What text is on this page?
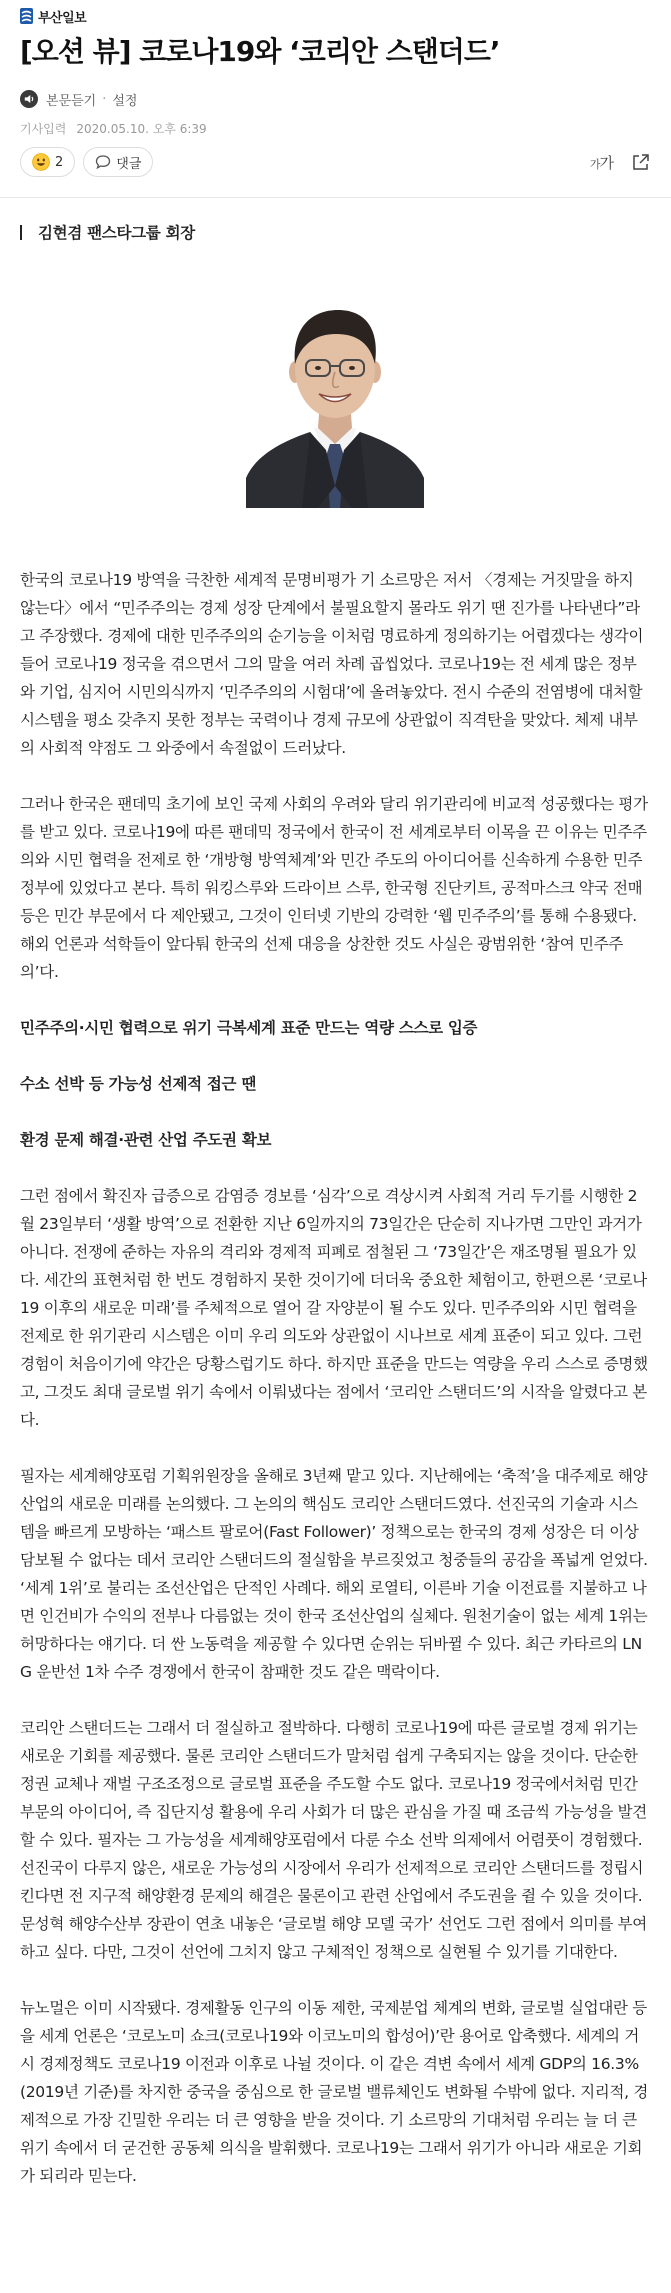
부산일보
[오션 뷰] 코로나19와 ‘코리안 스탠더드’
본문듣기 · 설정
기사입력 2020.05.10. 오후 6:39
2	댓글	가가
김현겸 팬스타그룹 회장

한국의 코로나19 방역을 극찬한 세계적 문명비평가 기 소르망은 저서 〈경제는 거짓말을 하지 않는다〉에서 “민주주의는 경제 성장 단계에서 불필요할지 몰라도 위기 땐 진가를 나타낸다”라고 주장했다. 경제에 대한 민주주의의 순기능을 이처럼 명료하게 정의하기는 어렵겠다는 생각이 들어 코로나19 정국을 겪으면서 그의 말을 여러 차례 곱씹었다. 코로나19는 전 세계 많은 정부와 기업, 심지어 시민의식까지 ‘민주주의의 시험대’에 올려놓았다. 전시 수준의 전염병에 대처할 시스템을 평소 갖추지 못한 정부는 국력이나 경제 규모에 상관없이 직격탄을 맞았다. 체제 내부의 사회적 약점도 그 와중에서 속절없이 드러났다.

그러나 한국은 팬데믹 초기에 보인 국제 사회의 우려와 달리 위기관리에 비교적 성공했다는 평가를 받고 있다. 코로나19에 따른 팬데믹 정국에서 한국이 전 세계로부터 이목을 끈 이유는 민주주의와 시민 협력을 전제로 한 ‘개방형 방역체계’와 민간 주도의 아이디어를 신속하게 수용한 민주 정부에 있었다고 본다. 특히 워킹스루와 드라이브 스루, 한국형 진단키트, 공적마스크 약국 전매 등은 민간 부문에서 다 제안됐고, 그것이 인터넷 기반의 강력한 ‘웹 민주주의’를 통해 수용됐다. 해외 언론과 석학들이 앞다퉈 한국의 선제 대응을 상찬한 것도 사실은 광범위한 ‘참여 민주주의’다.

민주주의·시민 협력으로 위기 극복세계 표준 만드는 역량 스스로 입증

수소 선박 등 가능성 선제적 접근 땐

환경 문제 해결·관련 산업 주도권 확보

그런 점에서 확진자 급증으로 감염증 경보를 ‘심각’으로 격상시켜 사회적 거리 두기를 시행한 2월 23일부터 ‘생활 방역’으로 전환한 지난 6일까지의 73일간은 단순히 지나가면 그만인 과거가 아니다. 전쟁에 준하는 자유의 격리와 경제적 피폐로 점철된 그 ‘73일간’은 재조명될 필요가 있다. 세간의 표현처럼 한 번도 경험하지 못한 것이기에 더더욱 중요한 체험이고, 한편으론 ‘코로나19 이후의 새로운 미래’를 주체적으로 열어 갈 자양분이 될 수도 있다. 민주주의와 시민 협력을 전제로 한 위기관리 시스템은 이미 우리 의도와 상관없이 시나브로 세계 표준이 되고 있다. 그런 경험이 처음이기에 약간은 당황스럽기도 하다. 하지만 표준을 만드는 역량을 우리 스스로 증명했고, 그것도 최대 글로벌 위기 속에서 이뤄냈다는 점에서 ‘코리안 스탠더드’의 시작을 알렸다고 본다.

필자는 세계해양포럼 기획위원장을 올해로 3년째 맡고 있다. 지난해에는 ‘축적’을 대주제로 해양산업의 새로운 미래를 논의했다. 그 논의의 핵심도 코리안 스탠더드였다. 선진국의 기술과 시스템을 빠르게 모방하는 ‘패스트 팔로어(Fast Follower)’ 정책으로는 한국의 경제 성장은 더 이상 담보될 수 없다는 데서 코리안 스탠더드의 절실함을 부르짖었고 청중들의 공감을 폭넓게 얻었다. ‘세계 1위’로 불리는 조선산업은 단적인 사례다. 해외 로열티, 이른바 기술 이전료를 지불하고 나면 인건비가 수익의 전부나 다름없는 것이 한국 조선산업의 실체다. 원천기술이 없는 세계 1위는 허망하다는 얘기다. 더 싼 노동력을 제공할 수 있다면 순위는 뒤바뀔 수 있다. 최근 카타르의 LNG 운반선 1차 수주 경쟁에서 한국이 참패한 것도 같은 맥락이다.

코리안 스탠더드는 그래서 더 절실하고 절박하다. 다행히 코로나19에 따른 글로벌 경제 위기는 새로운 기회를 제공했다. 물론 코리안 스탠더드가 말처럼 쉽게 구축되지는 않을 것이다. 단순한 정권 교체나 재벌 구조조정으로 글로벌 표준을 주도할 수도 없다. 코로나19 정국에서처럼 민간 부문의 아이디어, 즉 집단지성 활용에 우리 사회가 더 많은 관심을 가질 때 조금씩 가능성을 발견할 수 있다. 필자는 그 가능성을 세계해양포럼에서 다룬 수소 선박 의제에서 어렴풋이 경험했다. 선진국이 다루지 않은, 새로운 가능성의 시장에서 우리가 선제적으로 코리안 스탠더드를 정립시킨다면 전 지구적 해양환경 문제의 해결은 물론이고 관련 산업에서 주도권을 쥘 수 있을 것이다. 문성혁 해양수산부 장관이 연초 내놓은 ‘글로벌 해양 모델 국가’ 선언도 그런 점에서 의미를 부여하고 싶다. 다만, 그것이 선언에 그치지 않고 구체적인 정책으로 실현될 수 있기를 기대한다.

뉴노멀은 이미 시작됐다. 경제활동 인구의 이동 제한, 국제분업 체계의 변화, 글로벌 실업대란 등을 세계 언론은 ‘코로노미 쇼크(코로나19와 이코노미의 합성어)’란 용어로 압축했다. 세계의 거시 경제정책도 코로나19 이전과 이후로 나뉠 것이다. 이 같은 격변 속에서 세계 GDP의 16.3%(2019년 기준)를 차지한 중국을 중심으로 한 글로벌 밸류체인도 변화될 수밖에 없다. 지리적, 경제적으로 가장 긴밀한 우리는 더 큰 영향을 받을 것이다. 기 소르망의 기대처럼 우리는 늘 더 큰 위기 속에서 더 굳건한 공동체 의식을 발휘했다. 코로나19는 그래서 위기가 아니라 새로운 기회가 되리라 믿는다.
